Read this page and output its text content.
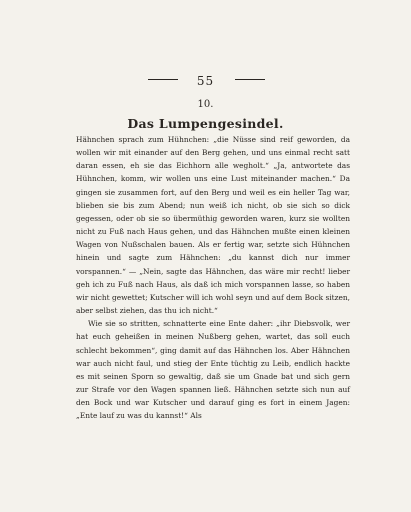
55
10.
Das Lumpengesindel.

Hähnchen sprach zum Hühnchen: „die Nüsse sind reif geworden, da wollen wir mit einander auf den Berg gehen, und uns einmal recht satt daran essen, eh sie das Eichhorn alle wegholt.“ „Ja, antwortete das Hühnchen, komm, wir wollen uns eine Lust miteinander machen.“ Da gingen sie zusammen fort, auf den Berg und weil es ein heller Tag war, blieben sie bis zum Abend; nun weiß ich nicht, ob sie sich so dick gegessen, oder ob sie so übermüthig geworden waren, kurz sie wollten nicht zu Fuß nach Haus gehen, und das Hähnchen mußte einen kleinen Wagen von Nußschalen bauen. Als er fertig war, setzte sich Hühnchen hinein und sagte zum Hähnchen: „du kannst dich nur immer vorspannen.“ — „Nein, sagte das Hähnchen, das wäre mir recht! lieber geh ich zu Fuß nach Haus, als daß ich mich vorspannen lasse, so haben wir nicht gewettet; Kutscher will ich wohl seyn und auf dem Bock sitzen, aber selbst ziehen, das thu ich nicht.“

Wie sie so stritten, schnatterte eine Ente daher: „ihr Diebsvolk, wer hat euch geheißen in meinen Nußberg gehen, wartet, das soll euch schlecht bekommen“, ging damit auf das Hähnchen los. Aber Hähnchen war auch nicht faul, und stieg der Ente tüchtig zu Leib, endlich hackte es mit seinen Sporn so gewaltig, daß sie um Gnade bat und sich gern zur Strafe vor den Wagen spannen ließ. Hähnchen setzte sich nun auf den Bock und war Kutscher und darauf ging es fort in einem Jagen: „Ente lauf zu was du kannst!“ Als
